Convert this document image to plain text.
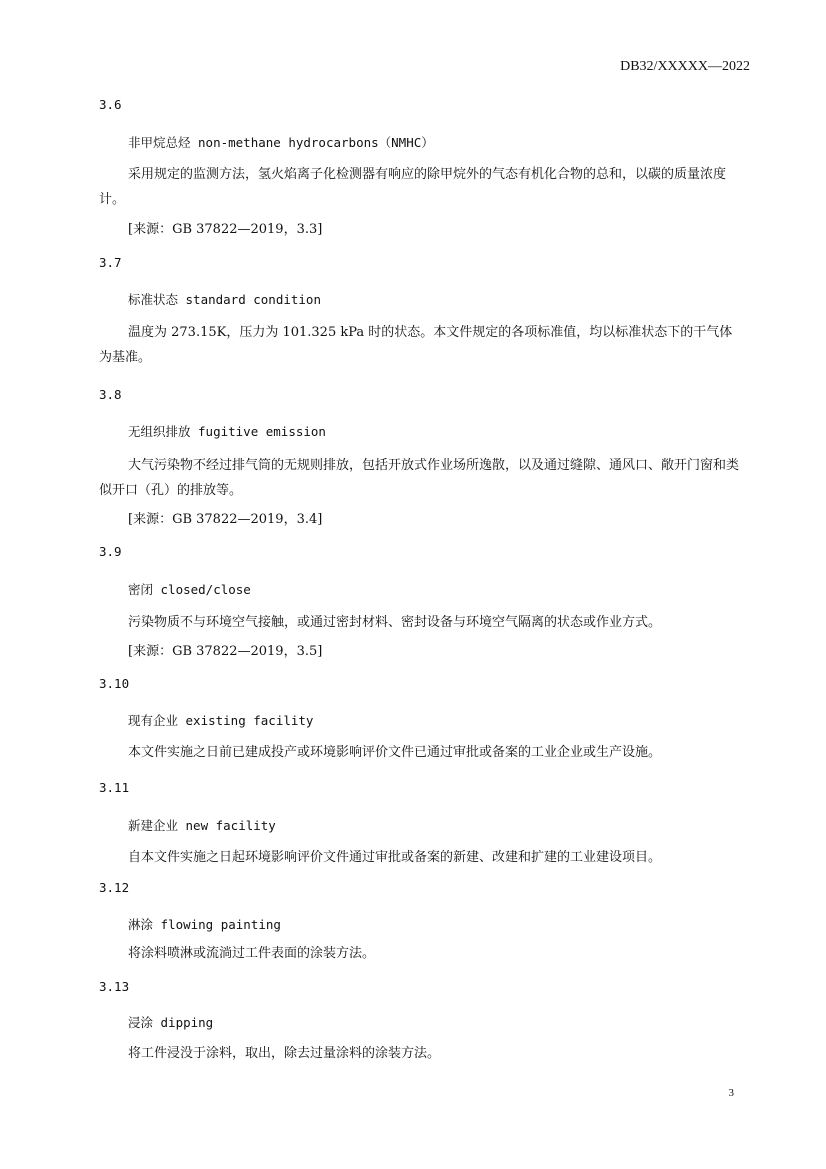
DB32/XXXXX—2022
3.6
非甲烷总烃 non-methane hydrocarbons（NMHC）

采用规定的监测方法，氢火焰离子化检测器有响应的除甲烷外的气态有机化合物的总和，以碳的质量浓度计。

[来源：GB 37822—2019，3.3]
3.7
标准状态 standard condition

温度为 273.15K，压力为 101.325 kPa 时的状态。本文件规定的各项标准值，均以标准状态下的干气体为基准。

3.8
无组织排放 fugitive emission

大气污染物不经过排气筒的无规则排放，包括开放式作业场所逸散，以及通过缝隙、通风口、敞开门窗和类似开口（孔）的排放等。

[来源：GB 37822—2019，3.4]
3.9
密闭 closed/close

污染物质不与环境空气接触，或通过密封材料、密封设备与环境空气隔离的状态或作业方式。

[来源：GB 37822—2019，3.5]
3.10
现有企业 existing facility

本文件实施之日前已建成投产或环境影响评价文件已通过审批或备案的工业企业或生产设施。

3.11
新建企业 new facility

自本文件实施之日起环境影响评价文件通过审批或备案的新建、改建和扩建的工业建设项目。

3.12
淋涂 flowing painting

将涂料喷淋或流淌过工件表面的涂装方法。

3.13
浸涂 dipping

将工件浸没于涂料，取出，除去过量涂料的涂装方法。

3
